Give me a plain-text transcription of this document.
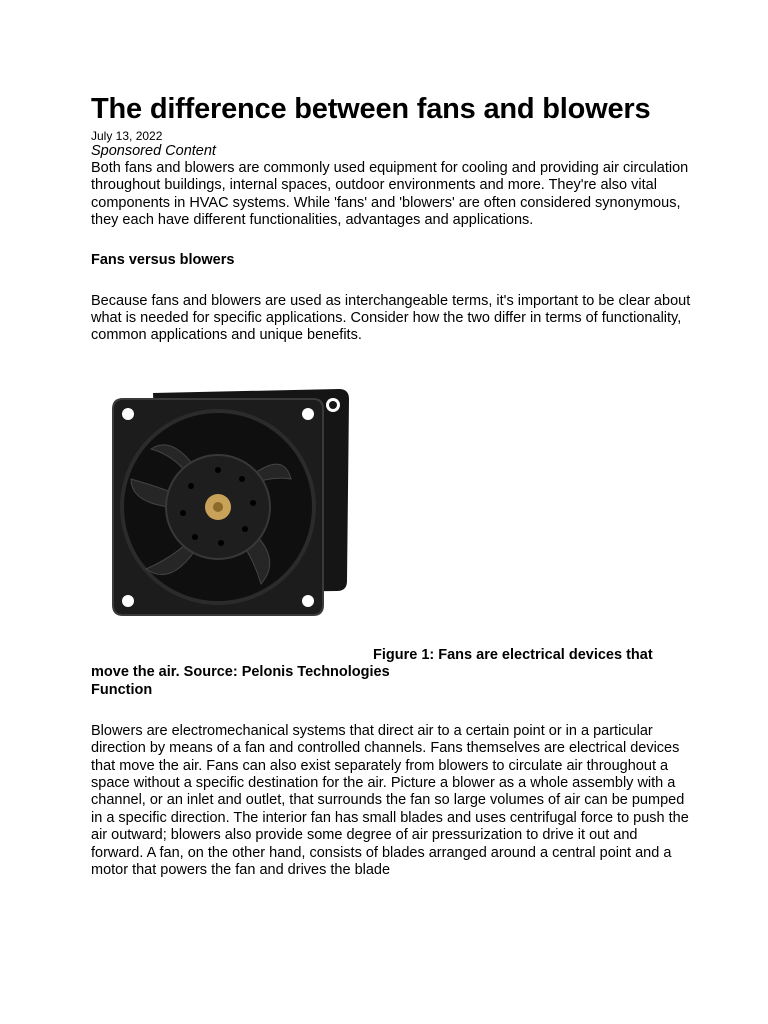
The difference between fans and blowers
July 13, 2022
Sponsored Content

Both fans and blowers are commonly used equipment for cooling and providing air circulation throughout buildings, internal spaces, outdoor environments and more. They're also vital components in HVAC systems. While 'fans' and 'blowers' are often considered synonymous, they each have different functionalities, advantages and applications.

Fans versus blowers

Because fans and blowers are used as interchangeable terms, it's important to be clear about what is needed for specific applications. Consider how the two differ in terms of functionality, common applications and unique benefits.

Figure 1: Fans are electrical devices that move the air. Source: Pelonis Technologies
Function

Blowers are electromechanical systems that direct air to a certain point or in a particular direction by means of a fan and controlled channels. Fans themselves are electrical devices that move the air. Fans can also exist separately from blowers to circulate air throughout a space without a specific destination for the air. Picture a blower as a whole assembly with a channel, or an inlet and outlet, that surrounds the fan so large volumes of air can be pumped in a specific direction. The interior fan has small blades and uses centrifugal force to push the air outward; blowers also provide some degree of air pressurization to drive it out and forward. A fan, on the other hand, consists of blades arranged around a central point and a motor that powers the fan and drives the blade
